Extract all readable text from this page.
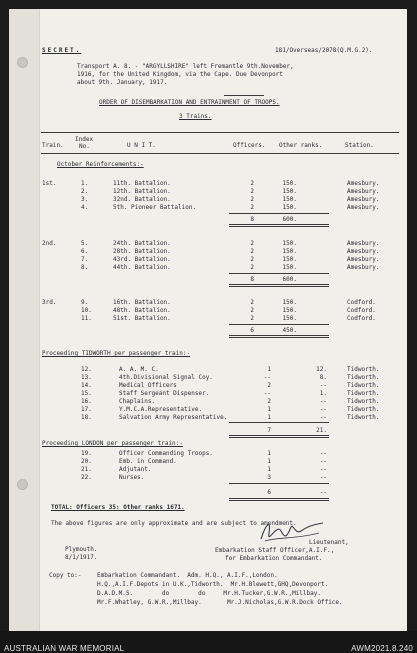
SECRET.	181/Overseas/2078(Q.M.G.2).
Transport A. 8. - "ARGYLLSHIRE" left Fremantle 9th.November,
1916, for the United Kingdom, via the Cape. Due Devonport
about 9th. January, 1917.
ORDER OF DISEMBARKATION AND ENTRAINMENT OF TROOPS.
3 Trains.
Train.
Index
No.	U N I T.	Officers. Other ranks.	Station.
October Reinforcements:-
Proceeding TIDWORTH per passenger train:-
Proceeding LONDON per passenger train:-
TOTAL: Officers 35: Other ranks 1671.
The above figures are only approximate and are subject to amendment.
Lieutenant,
Embarkation Staff Officer,A.I.F.,
for Embarkation Commandant.
Plymouth.
8/1/1917.
Copy to:-	Embarkation Commandant.  Adm. H.Q., A.I.F.,London.
H.Q.,A.I.F.Depots in U.K.,Tidworth.  Mr.H.Blewett,GHQ,Devonport.
D.A.D.M.S.        do        do     Mr.H.Tucker,G.W.R.,Millbay.
Mr.F.Whatley, G.W.R.,Millbay.       Mr.J.Nicholas,G.W.R.Dock Office.
1st.	1.	11th. Battalion.	2	150.	Amesbury.
2.	12th. Battalion.	2	150.	Amesbury.
3.	32nd. Battalion.	2	150.	Amesbury.
4.	5th. Pioneer Battalion.	2	150.	Amesbury.
8	600.
2nd.	5.	24th. Battalion.	2	150.	Amesbury.
6.	28th. Battalion.	2	150.	Amesbury.
7.	43rd. Battalion.	2	150.	Amesbury.
8.	44th. Battalion.	2	150.	Amesbury.
8	600.
3rd.	9.	16th. Battalion.	2	150.	Codford.
10.	48th. Battalion.	2	150.	Codford.
11.	51st. Battalion.	2	150.	Codford.
6	450.
12.	A. A. M. C.	1	12.	Tidworth.
13.	4th.Divisional Signal Coy.	--	8.	Tidworth.
14.	Medical Officers	2	--	Tidworth.
15.	Staff Sergeant Dispenser.	--	1.	Tidworth.
16.	Chaplains.	2	--	Tidworth.
17.	Y.M.C.A.Representative.	1	--	Tidworth.
18.	Salvation Army Representative.	1	--	Tidworth.
7	21.
19.	Officer Commanding Troops.	1	--
20.	Emb. in Command.	1	--
21.	Adjutant.	1	--
22.	Nurses.	3	--
6	--
AUSTRALIAN WAR MEMORIAL	AWM2021.8.240
